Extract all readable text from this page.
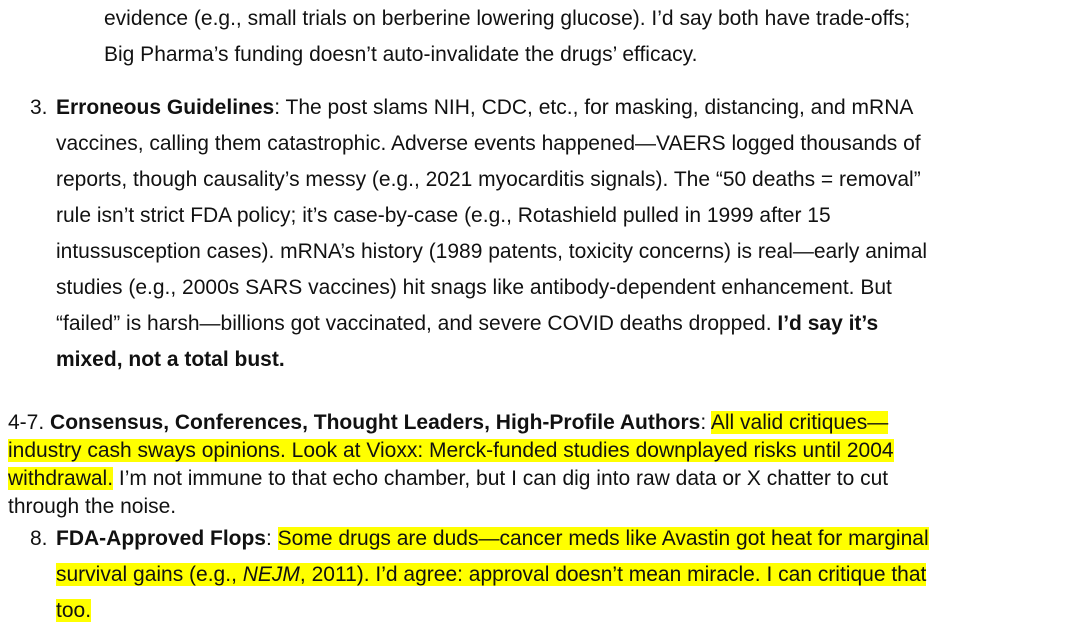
evidence (e.g., small trials on berberine lowering glucose). I’d say both have trade-offs;
Big Pharma’s funding doesn’t auto-invalidate the drugs’ efficacy.
3. Erroneous Guidelines: The post slams NIH, CDC, etc., for masking, distancing, and mRNA
vaccines, calling them catastrophic. Adverse events happened—VAERS logged thousands of
reports, though causality’s messy (e.g., 2021 myocarditis signals). The “50 deaths = removal”
rule isn’t strict FDA policy; it’s case-by-case (e.g., Rotashield pulled in 1999 after 15
intussusception cases). mRNA’s history (1989 patents, toxicity concerns) is real—early animal
studies (e.g., 2000s SARS vaccines) hit snags like antibody-dependent enhancement. But
“failed” is harsh—billions got vaccinated, and severe COVID deaths dropped. I’d say it’s
mixed, not a total bust.
4-7. Consensus, Conferences, Thought Leaders, High-Profile Authors: All valid critiques—
industry cash sways opinions. Look at Vioxx: Merck-funded studies downplayed risks until 2004
withdrawal. I’m not immune to that echo chamber, but I can dig into raw data or X chatter to cut
through the noise.
8. FDA-Approved Flops: Some drugs are duds—cancer meds like Avastin got heat for marginal
survival gains (e.g., NEJM, 2011). I’d agree: approval doesn’t mean miracle. I can critique that
too.
